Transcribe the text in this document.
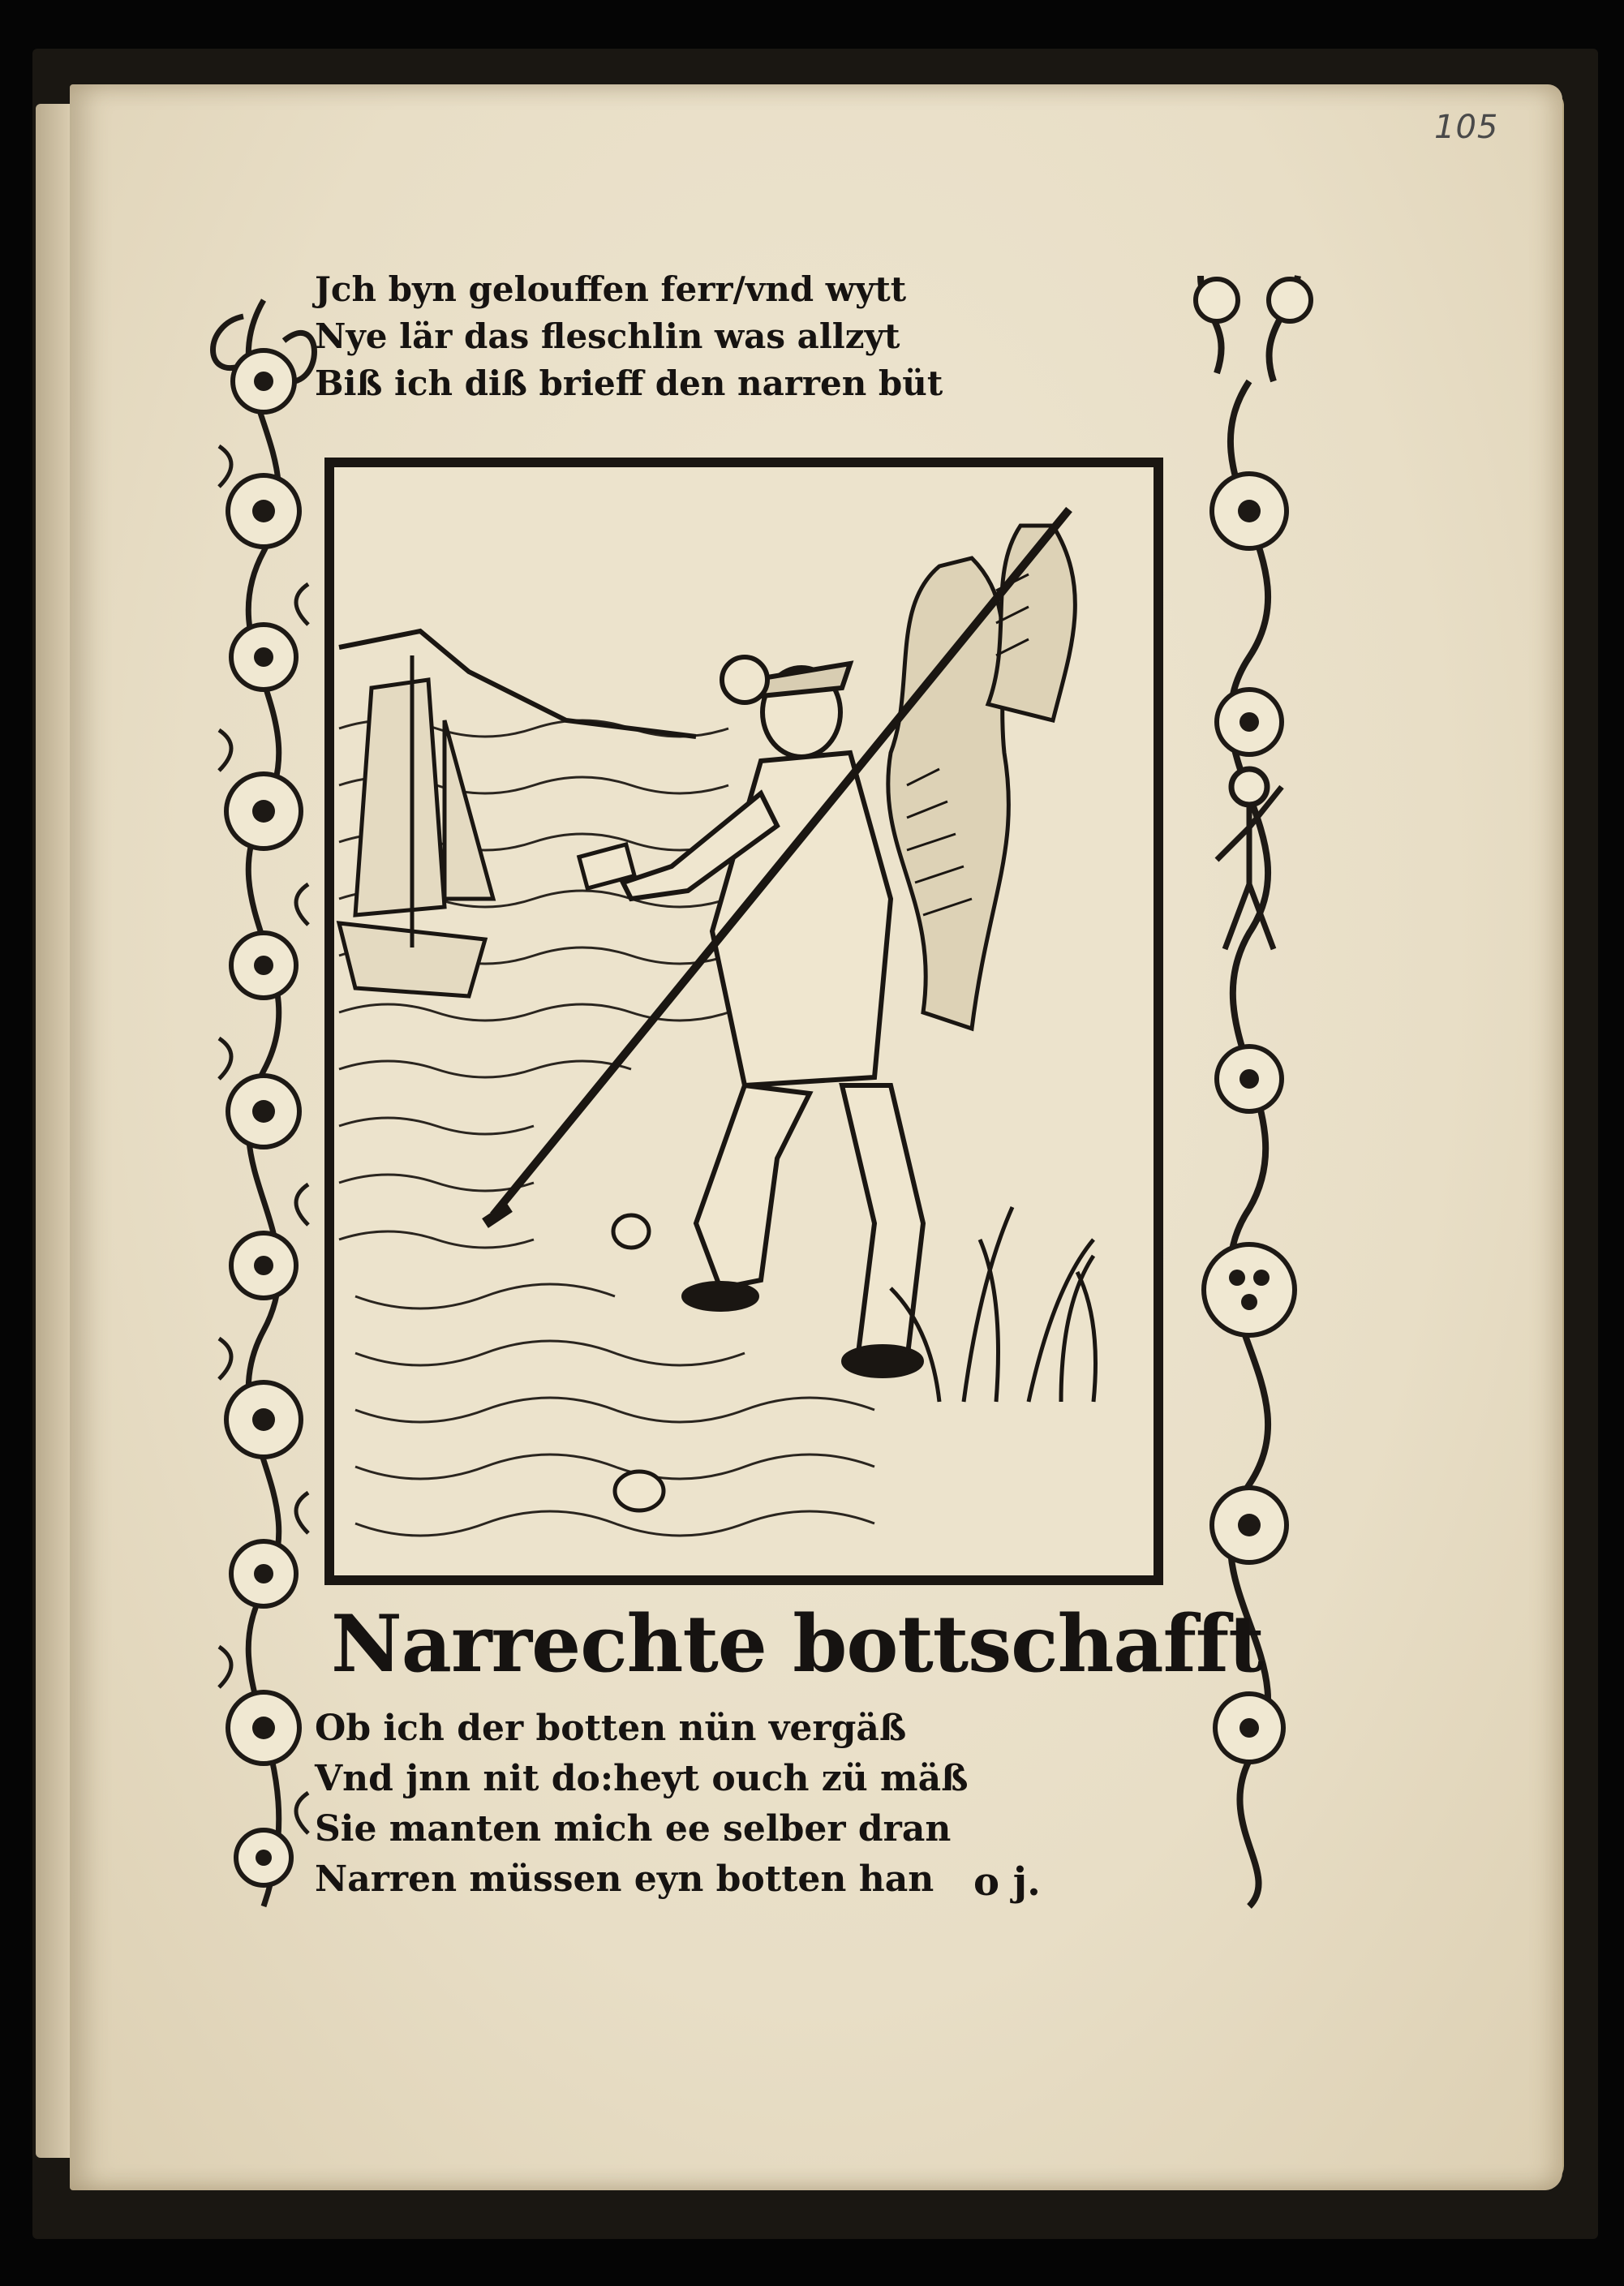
105
Jch byn gelouffen ferr/vnd wytt
Nye lär das fleschlin was allzyt
Biß ich diß brieff den narren büt
Narrechte bottschafft
Ob ich der botten nün vergäß
Vnd jnn nit do:heyt ouch zü mäß
Sie manten mich ee selber dran
Narren müssen eyn botten han	o j.
